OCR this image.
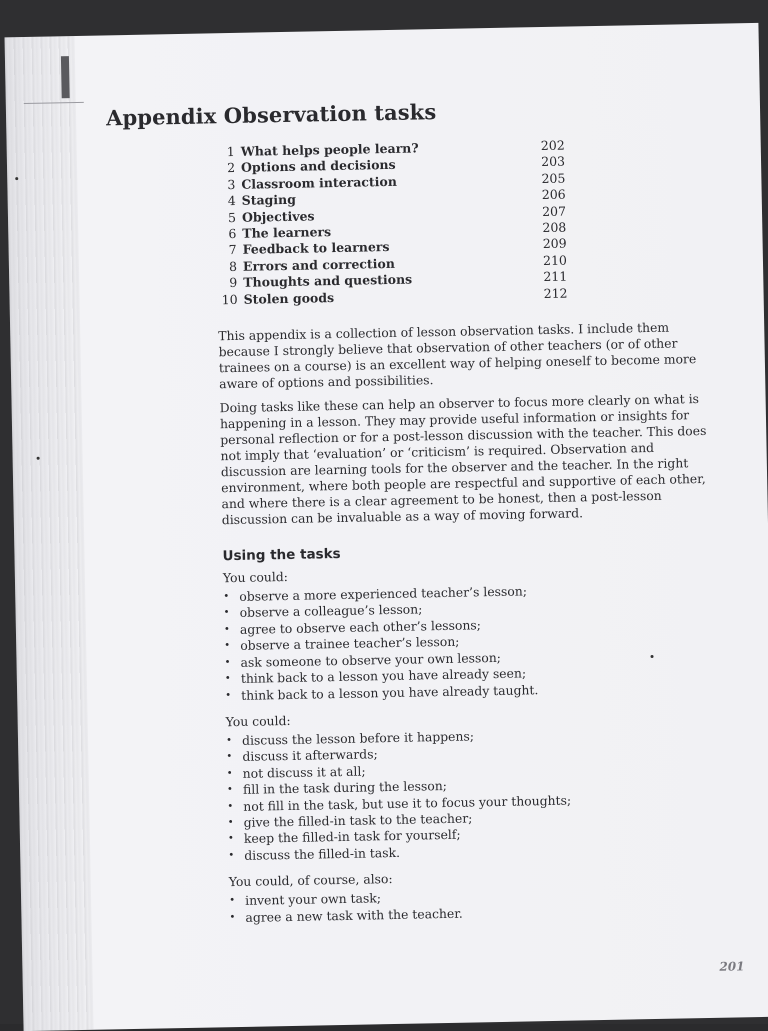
Appendix Observation tasks
1 What helps people learn?	202
2 Options and decisions	203
3 Classroom interaction	205
4 Staging	206
5 Objectives	207
6 The learners	208
7 Feedback to learners	209
8 Errors and correction	210
9 Thoughts and questions	211
10 Stolen goods	212

This appendix is a collection of lesson observation tasks. I include them because I strongly believe that observation of other teachers (or of other trainees on a course) is an excellent way of helping oneself to become more aware of options and possibilities.

Doing tasks like these can help an observer to focus more clearly on what is happening in a lesson. They may provide useful information or insights for personal reflection or for a post-lesson discussion with the teacher. This does not imply that ‘evaluation’ or ‘criticism’ is required. Observation and discussion are learning tools for the observer and the teacher. In the right environment, where both people are respectful and supportive of each other, and where there is a clear agreement to be honest, then a post-lesson discussion can be invaluable as a way of moving forward.

Using the tasks
You could:
• observe a more experienced teacher’s lesson;
• observe a colleague’s lesson;
• agree to observe each other’s lessons;
• observe a trainee teacher’s lesson;
• ask someone to observe your own lesson;
• think back to a lesson you have already seen;
• think back to a lesson you have already taught.
You could:
• discuss the lesson before it happens;
• discuss it afterwards;
• not discuss it at all;
• fill in the task during the lesson;
• not fill in the task, but use it to focus your thoughts;
• give the filled-in task to the teacher;
• keep the filled-in task for yourself;
• discuss the filled-in task.
You could, of course, also:
• invent your own task;
• agree a new task with the teacher.
201
